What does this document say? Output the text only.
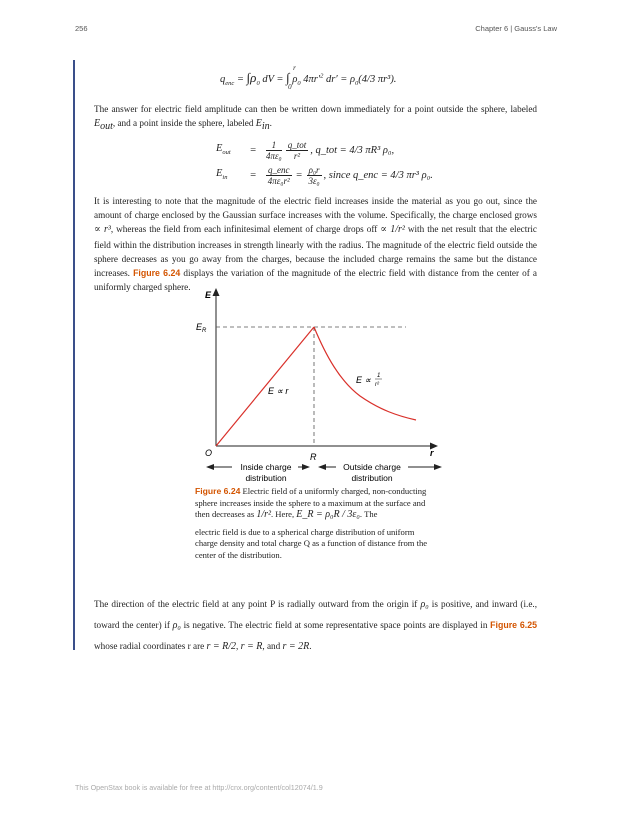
256	Chapter 6 | Gauss's Law
$q_{enc} = \int\rho_0$ dV = ∫
r
0
$\rho_0$ $4\pi r'^2$ $dr' = \rho_0(4/3$ πr³).
The answer for electric field amplitude can then be written down immediately for a point outside the sphere, labeled $E_{out}$, and a point inside the sphere, labeled $E_{in}$.
$E_{out}$	=	$\frac{1}{\text{4πε₀}} \frac{\text{q\_tot}}{\text{r²}}$ , q_tot = 4/3 πR³ ρ₀,
$E_{in}$	=	$\frac{\text{q\_enc}}{\text{4πε₀r²}} = \frac{\text{ρ₀r}}{\text{3ε₀}}$ , since q_enc = 4/3 πr³ ρ₀.
It is interesting to note that the magnitude of the electric field increases inside the material as you go out, since the amount of charge enclosed by the Gaussian surface increases with the volume. Specifically, the charge enclosed grows ∝ r³, whereas the field from each infinitesimal element of charge drops off ∝ 1/r² with the net result that the electric field within the distribution increases in strength linearly with the radius. The magnitude of the electric field outside the sphere decreases as you go away from the charges, because the included charge remains the same but the distance increases. Figure 6.24 displays the variation of the magnitude of the electric field with distance from the center of a uniformly charged sphere.
E
r
O
$E_R$
R
E ∝ r
E ∝ 1
r²
Inside charge
distribution
Outside charge
distribution
Figure 6.24 Electric field of a uniformly charged, non-conducting sphere increases inside the sphere to a maximum at the surface and then decreases as 1/r². Here, E_R = ρ₀R / 3ε₀. The
electric field is due to a spherical charge distribution of uniform charge density and total charge Q as a function of distance from the center of the distribution.
The direction of the electric field at any point P is radially outward from the origin if ρ₀ is positive, and inward (i.e., toward the center) if ρ₀ is negative. The electric field at some representative space points are displayed in Figure 6.25 whose radial coordinates r are r = R/2, r = R, and r = 2R.
This OpenStax book is available for free at http://cnx.org/content/col12074/1.9
